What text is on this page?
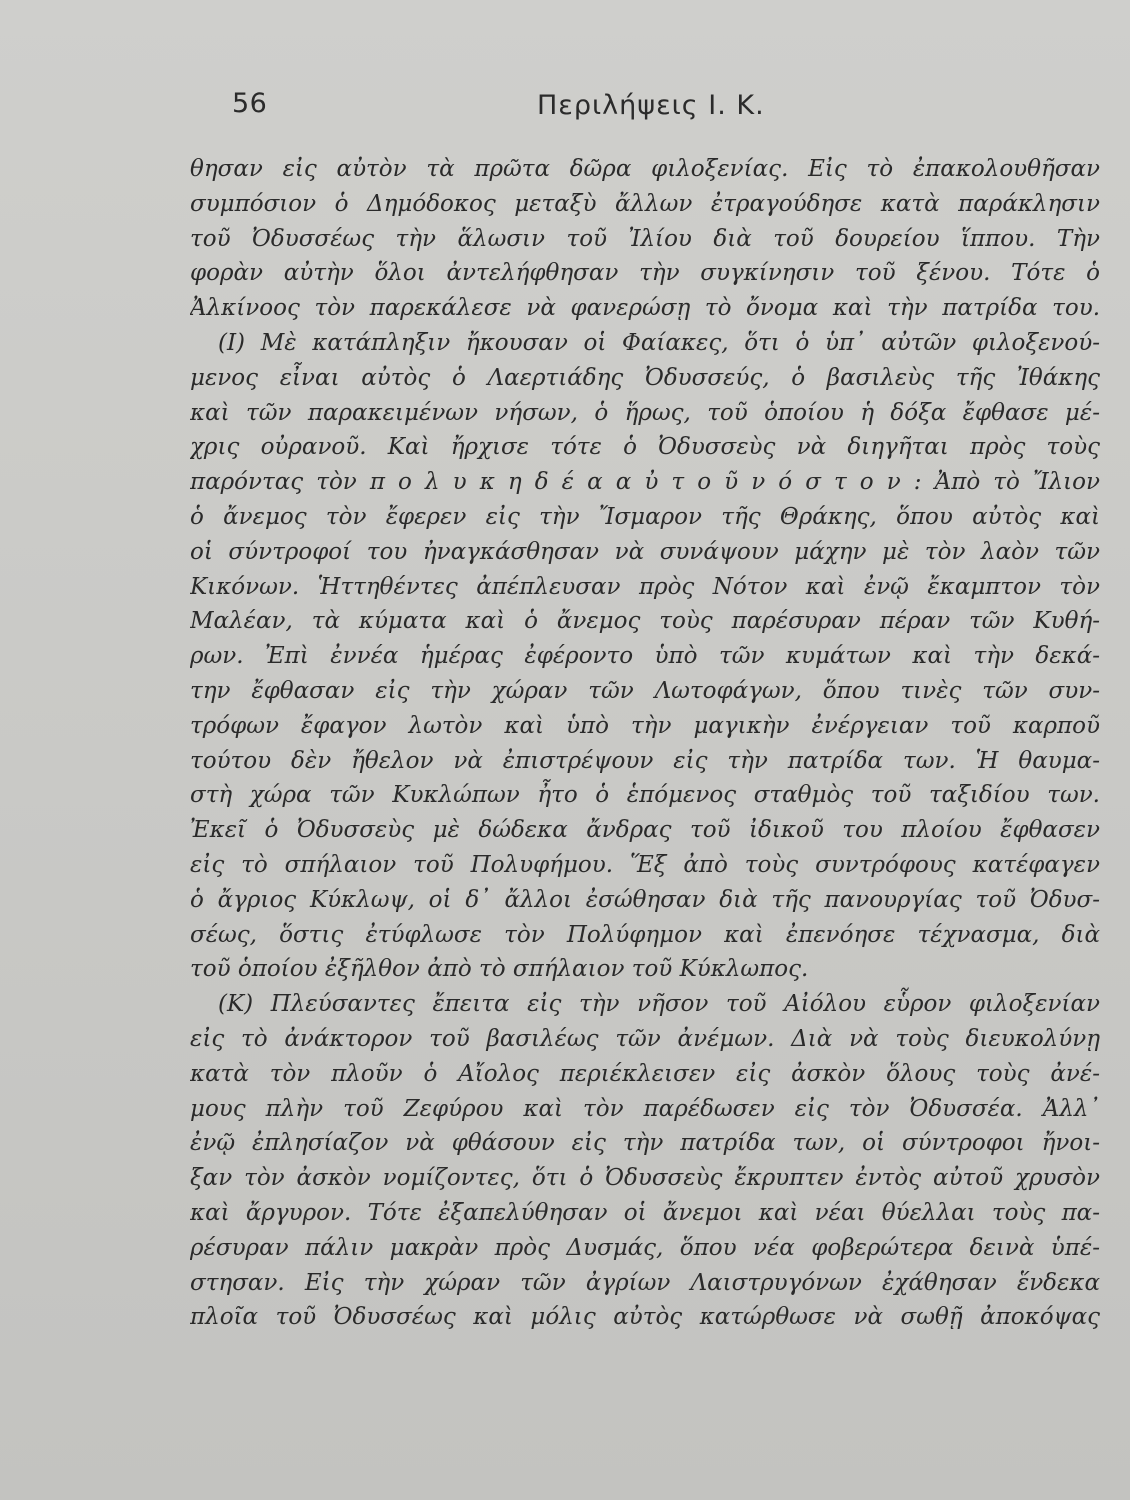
56	Περιλήψεις Ι. Κ.
θησαν εἰς αὐτὸν τὰ πρῶτα δῶρα φιλοξενίας. Εἰς τὸ ἐπακολουθῆσαν
συμπόσιον ὁ Δημόδοκος μεταξὺ ἄλλων ἐτραγούδησε κατὰ παράκλησιν
τοῦ Ὀδυσσέως τὴν ἅλωσιν τοῦ Ἰλίου διὰ τοῦ δουρείου ἵππου. Τὴν
φορὰν αὐτὴν ὅλοι ἀντελήφθησαν τὴν συγκίνησιν τοῦ ξένου. Τότε ὁ
Ἀλκίνοος τὸν παρεκάλεσε νὰ φανερώσῃ τὸ ὄνομα καὶ τὴν πατρίδα του.
(Ι) Μὲ κατάπληξιν ἤκουσαν οἱ Φαίακες, ὅτι ὁ ὑπ᾽ αὐτῶν φιλοξενού-
μενος εἶναι αὐτὸς ὁ Λαερτιάδης Ὀδυσσεύς, ὁ βασιλεὺς τῆς Ἰθάκης
καὶ τῶν παρακειμένων νήσων, ὁ ἥρως, τοῦ ὁποίου ἡ δόξα ἔφθασε μέ-
χρις οὐρανοῦ. Καὶ ἤρχισε τότε ὁ Ὀδυσσεὺς νὰ διηγῆται πρὸς τοὺς
παρόντας τὸν π ο λ υ κ η δ έ α α ὐ τ ο ῦ ν ό σ τ ο ν : Ἀπὸ τὸ Ἴλιον
ὁ ἄνεμος τὸν ἔφερεν εἰς τὴν Ἴσμαρον τῆς Θράκης, ὅπου αὐτὸς καὶ
οἱ σύντροφοί του ἠναγκάσθησαν νὰ συνάψουν μάχην μὲ τὸν λαὸν τῶν
Κικόνων. Ἡττηθέντες ἀπέπλευσαν πρὸς Νότον καὶ ἐνῷ ἔκαμπτον τὸν
Μαλέαν, τὰ κύματα καὶ ὁ ἄνεμος τοὺς παρέσυραν πέραν τῶν Κυθή-
ρων. Ἐπὶ ἐννέα ἡμέρας ἐφέροντο ὑπὸ τῶν κυμάτων καὶ τὴν δεκά-
την ἔφθασαν εἰς τὴν χώραν τῶν Λωτοφάγων, ὅπου τινὲς τῶν συν-
τρόφων ἔφαγον λωτὸν καὶ ὑπὸ τὴν μαγικὴν ἐνέργειαν τοῦ καρποῦ
τούτου δὲν ἤθελον νὰ ἐπιστρέψουν εἰς τὴν πατρίδα των. Ἡ θαυμα-
στὴ χώρα τῶν Κυκλώπων ἦτο ὁ ἑπόμενος σταθμὸς τοῦ ταξιδίου των.
Ἐκεῖ ὁ Ὀδυσσεὺς μὲ δώδεκα ἄνδρας τοῦ ἰδικοῦ του πλοίου ἔφθασεν
εἰς τὸ σπήλαιον τοῦ Πολυφήμου. Ἕξ ἀπὸ τοὺς συντρόφους κατέφαγεν
ὁ ἄγριος Κύκλωψ, οἱ δ᾽ ἄλλοι ἐσώθησαν διὰ τῆς πανουργίας τοῦ Ὀδυσ-
σέως, ὅστις ἐτύφλωσε τὸν Πολύφημον καὶ ἐπενόησε τέχνασμα, διὰ
τοῦ ὁποίου ἐξῆλθον ἀπὸ τὸ σπήλαιον τοῦ Κύκλωπος.
(Κ) Πλεύσαντες ἔπειτα εἰς τὴν νῆσον τοῦ Αἰόλου εὗρον φιλοξενίαν
εἰς τὸ ἀνάκτορον τοῦ βασιλέως τῶν ἀνέμων. Διὰ νὰ τοὺς διευκολύνῃ
κατὰ τὸν πλοῦν ὁ Αἴολος περιέκλεισεν εἰς ἀσκὸν ὅλους τοὺς ἀνέ-
μους πλὴν τοῦ Ζεφύρου καὶ τὸν παρέδωσεν εἰς τὸν Ὀδυσσέα. Ἀλλ᾽
ἐνῷ ἐπλησίαζον νὰ φθάσουν εἰς τὴν πατρίδα των, οἱ σύντροφοι ἤνοι-
ξαν τὸν ἀσκὸν νομίζοντες, ὅτι ὁ Ὀδυσσεὺς ἔκρυπτεν ἐντὸς αὐτοῦ χρυσὸν
καὶ ἄργυρον. Τότε ἐξαπελύθησαν οἱ ἄνεμοι καὶ νέαι θύελλαι τοὺς πα-
ρέσυραν πάλιν μακρὰν πρὸς Δυσμάς, ὅπου νέα φοβερώτερα δεινὰ ὑπέ-
στησαν. Εἰς τὴν χώραν τῶν ἀγρίων Λαιστρυγόνων ἐχάθησαν ἕνδεκα
πλοῖα τοῦ Ὀδυσσέως καὶ μόλις αὐτὸς κατώρθωσε νὰ σωθῇ ἀποκόψας
